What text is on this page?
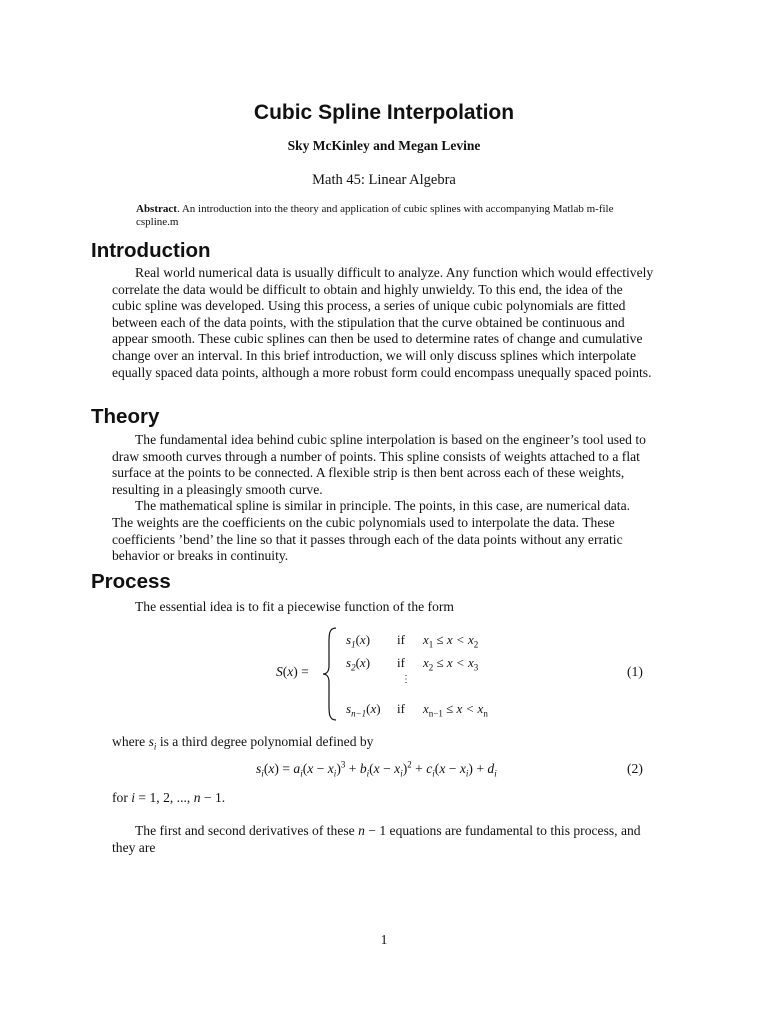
Cubic Spline Interpolation
Sky McKinley and Megan Levine
Math 45: Linear Algebra
Abstract. An introduction into the theory and application of cubic splines with accompanying Matlab m-file cspline.m
Introduction

Real world numerical data is usually difficult to analyze. Any function which would effectively correlate the data would be difficult to obtain and highly unwieldy. To this end, the idea of the cubic spline was developed. Using this process, a series of unique cubic polynomials are fitted between each of the data points, with the stipulation that the curve obtained be continuous and appear smooth. These cubic splines can then be used to determine rates of change and cumulative change over an interval. In this brief introduction, we will only discuss splines which interpolate equally spaced data points, although a more robust form could encompass unequally spaced points.

Theory

The fundamental idea behind cubic spline interpolation is based on the engineer’s tool used to draw smooth curves through a number of points. This spline consists of weights attached to a flat surface at the points to be connected. A flexible strip is then bent across each of these weights, resulting in a pleasingly smooth curve.

The mathematical spline is similar in principle. The points, in this case, are numerical data. The weights are the coefficients on the cubic polynomials used to interpolate the data. These coefficients ’bend’ the line so that it passes through each of the data points without any erratic behavior or breaks in continuity.

Process

The essential idea is to fit a piecewise function of the form

S(x) =
$s_1(x)$ if $x_1 \le x < x_2$
$s_2(x)$ if $x_2 \le x < x_3$
⋮
$s_{n-1}(x)$ if $x_{n-1} \le x < x_n$
(1)
where $s_i$ is a third degree polynomial defined by
$s_i(x) = a_i(x - x_i)^3 + b_i(x - x_i)^2 + c_i(x - x_i) + d_i$	(2)
for i = 1, 2, ..., n − 1.

The first and second derivatives of these n − 1 equations are fundamental to this process, and they are

1
